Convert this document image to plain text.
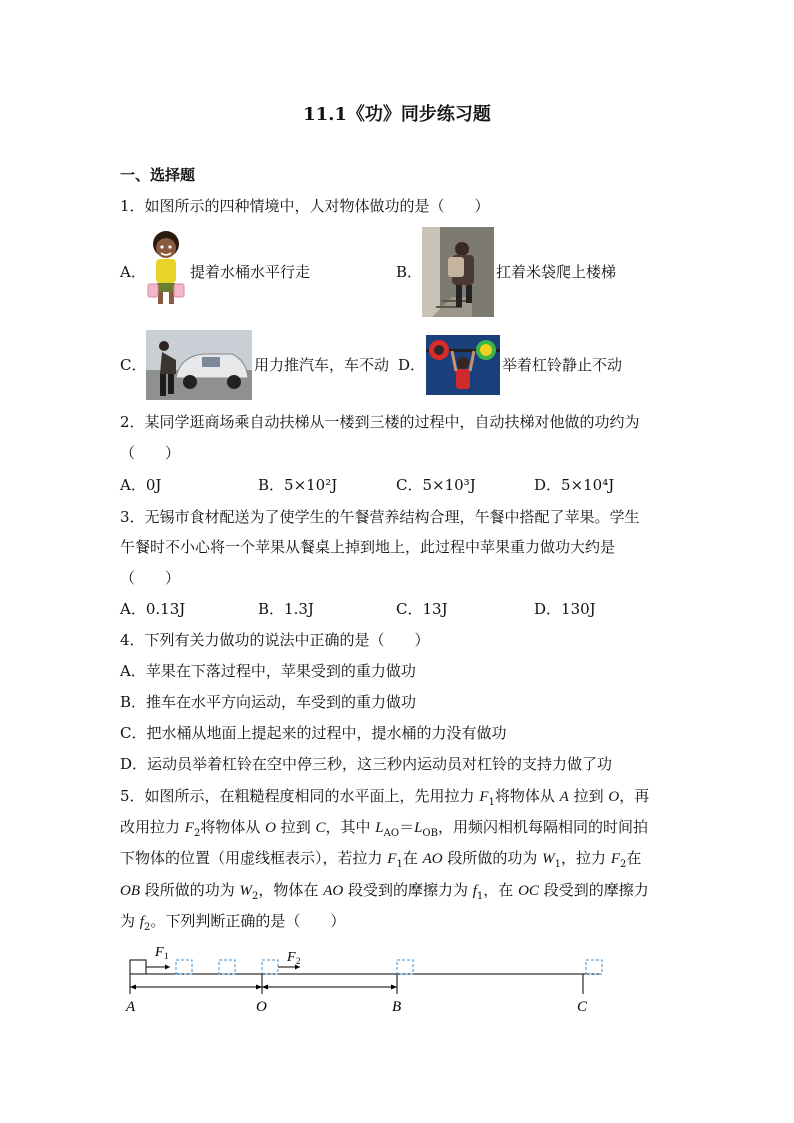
11.1《功》同步练习题
一、选择题
1．如图所示的四种情境中，人对物体做功的是（　　）
A．	提着水桶水平行走	B．	扛着米袋爬上楼梯
C．	用力推汽车，车不动 D．	举着杠铃静止不动
2．某同学逛商场乘自动扶梯从一楼到三楼的过程中，自动扶梯对他做的功约为
（　　）
A．0J	B．5×10²J	C．5×10³J	D．5×10⁴J
3．无锡市食材配送为了使学生的午餐营养结构合理，午餐中搭配了苹果。学生
午餐时不小心将一个苹果从餐桌上掉到地上，此过程中苹果重力做功大约是
（　　）
A．0.13J	B．1.3J	C．13J	D．130J
4．下列有关力做功的说法中正确的是（　　）
A．苹果在下落过程中，苹果受到的重力做功
B．推车在水平方向运动，车受到的重力做功
C．把水桶从地面上提起来的过程中，提水桶的力没有做功
D．运动员举着杠铃在空中停三秒，这三秒内运动员对杠铃的支持力做了功
5．如图所示，在粗糙程度相同的水平面上，先用拉力 $F_1$将物体从 A 拉到 O，再
改用拉力 $F_2$将物体从 O 拉到 C，其中 $L_{AO}=L_{OB}$，用频闪相机每隔相同的时间拍
下物体的位置（用虚线框表示），若拉力 $F_1$在 AO 段所做的功为 $W_1$，拉力 $F_2$在
OB 段所做的功为 $W_2$，物体在 AO 段受到的摩擦力为 $f_1$，在 OC 段受到的摩擦力
为 $f_2$。下列判断正确的是（　　）
F 1	F 2
A	O	B	C
